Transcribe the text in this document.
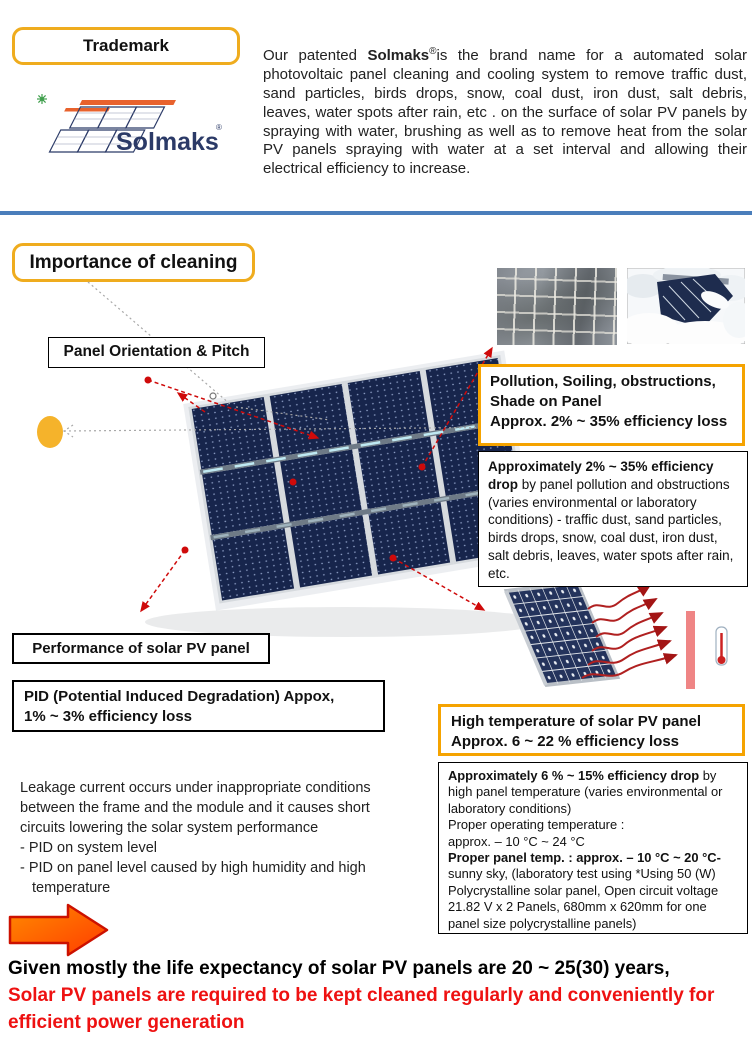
Trademark
Solmaks
®

Our patented Solmaks®is the brand name for a automated solar photovoltaic panel cleaning and cooling system to remove traffic dust, sand particles, birds drops, snow, coal dust, iron dust, salt debris, leaves, water spots after rain, etc . on the surface of solar PV panels by spraying with water, brushing as well as to remove heat from the solar PV panels spraying with water at a set interval and allowing their electrical efficiency to increase.

Importance of cleaning
Panel Orientation & Pitch
Pollution, Soiling, obstructions,
Shade on Panel
Approx. 2% ~ 35% efficiency loss
Approximately 2% ~ 35% efficiency drop by panel pollution and obstructions (varies environmental or laboratory conditions) - traffic dust, sand particles, birds drops, snow, coal dust, iron dust, salt debris, leaves, water spots after rain, etc.
Performance of solar PV panel
PID (Potential Induced Degradation) Appox,
1% ~ 3% efficiency loss	High temperature of solar PV panel
Approx. 6 ~ 22 % efficiency loss
Approximately 6 % ~ 15% efficiency drop by high panel temperature (varies environmental or laboratory conditions)
Proper operating temperature :
approx. – 10 °C ~ 24 °C
Proper panel temp. : approx. – 10 °C ~ 20 °C-sunny sky, (laboratory test using *Using 50 (W) Polycrystalline solar panel, Open circuit voltage 21.82 V x 2 Panels, 680mm x 620mm for one panel size polycrystalline panels)
Leakage current occurs under inappropriate conditions
between the frame and the module and it causes short
circuits lowering the solar system performance
- PID on system level
- PID on panel level caused by high humidity and high
temperature
Given mostly the life expectancy of solar PV panels are 20 ~ 25(30) years,
Solar PV panels are required to be kept cleaned regularly and conveniently for efficient power generation
